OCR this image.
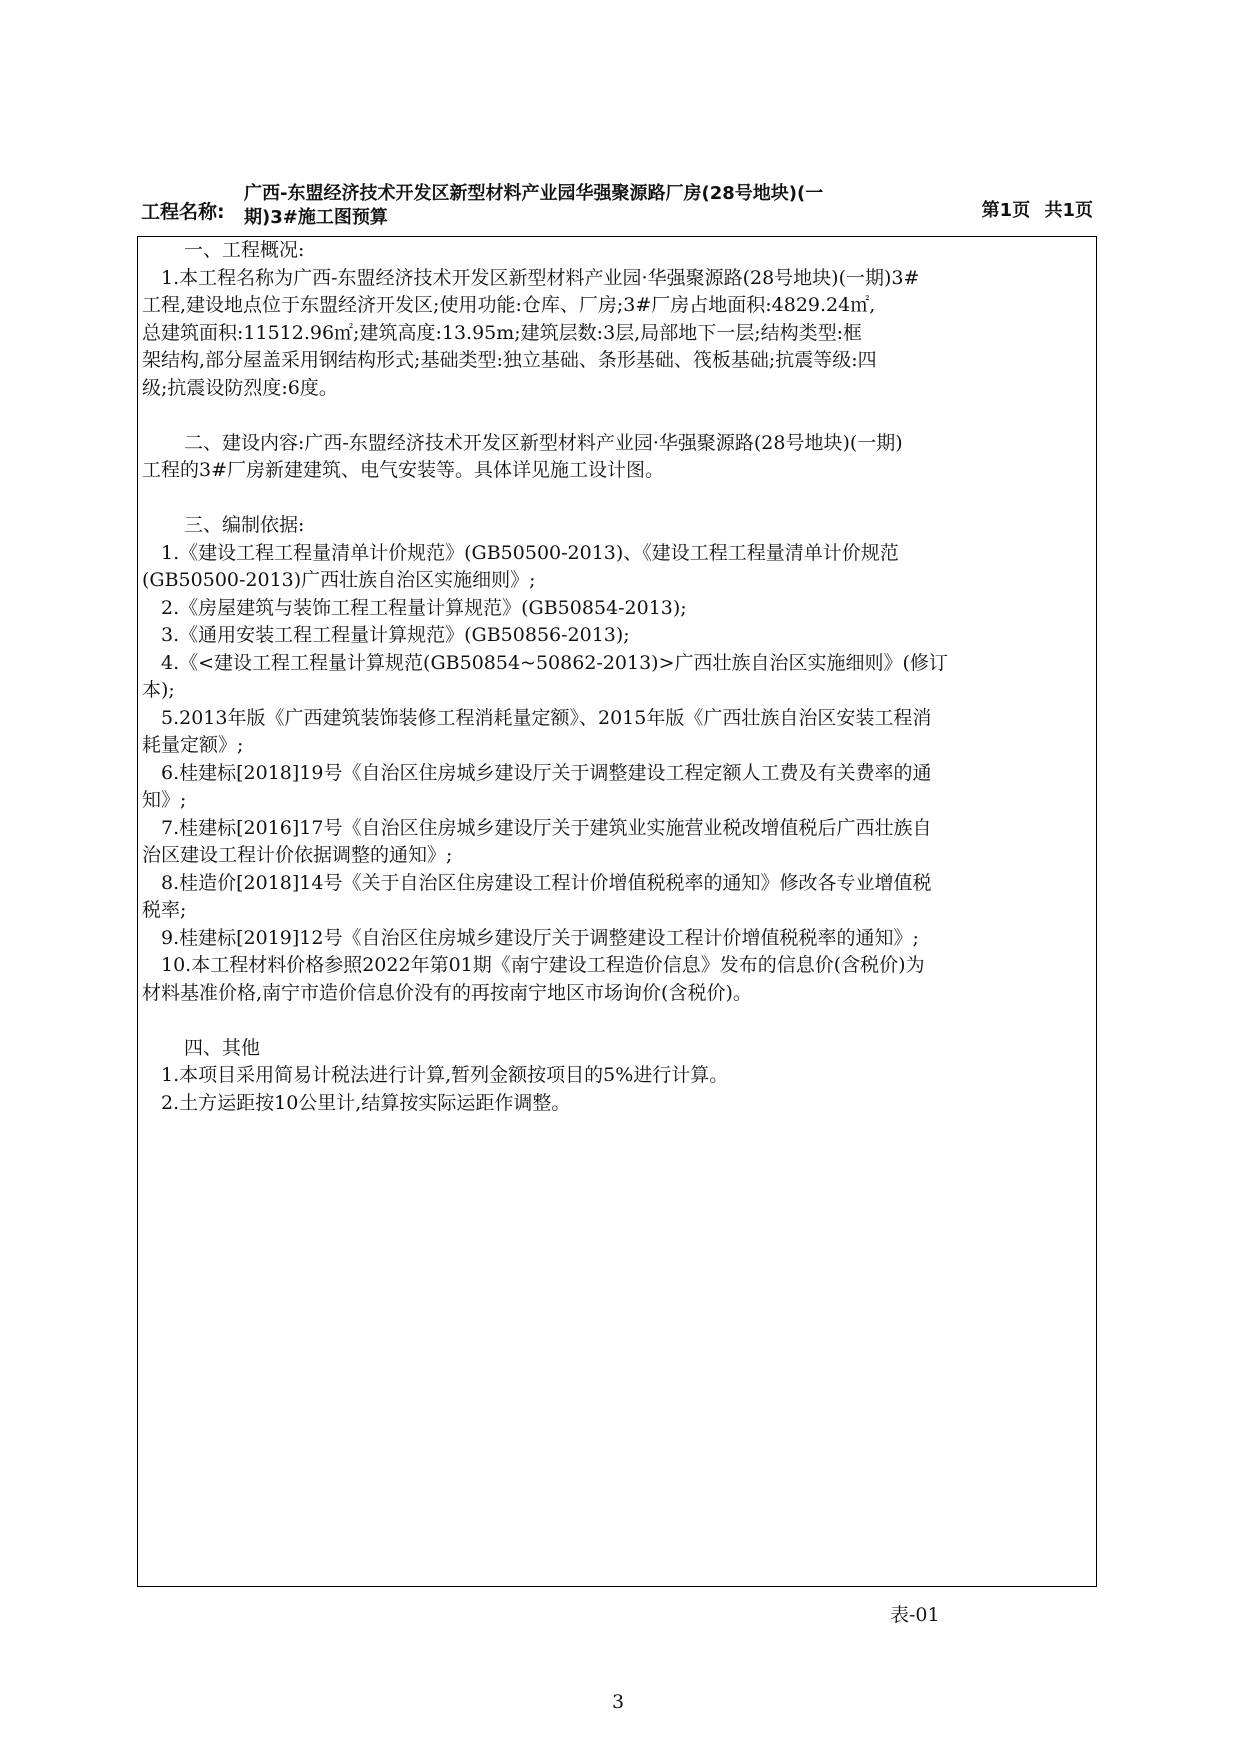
工程名称:
广西-东盟经济技术开发区新型材料产业园华强聚源路厂房(28号地块)(一
期)3#施工图预算	第1页 共1页

一、工程概况:

1.本工程名称为广西-东盟经济技术开发区新型材料产业园·华强聚源路(28号地块)(一期)3#

工程,建设地点位于东盟经济开发区;使用功能:仓库、厂房;3#厂房占地面积:4829.24㎡,

总建筑面积:11512.96㎡;建筑高度:13.95m;建筑层数:3层,局部地下一层;结构类型:框

架结构,部分屋盖采用钢结构形式;基础类型:独立基础、条形基础、筏板基础;抗震等级:四

级;抗震设防烈度:6度。

二、建设内容:广西-东盟经济技术开发区新型材料产业园·华强聚源路(28号地块)(一期)

工程的3#厂房新建建筑、电气安装等。具体详见施工设计图。

三、编制依据:

1.《建设工程工程量清单计价规范》(GB50500-2013)、《建设工程工程量清单计价规范

(GB50500-2013)广西壮族自治区实施细则》;

2.《房屋建筑与装饰工程工程量计算规范》(GB50854-2013);

3.《通用安装工程工程量计算规范》(GB50856-2013);

4.《<建设工程工程量计算规范(GB50854~50862-2013)>广西壮族自治区实施细则》(修订

本);

5.2013年版《广西建筑装饰装修工程消耗量定额》、2015年版《广西壮族自治区安装工程消

耗量定额》;

6.桂建标[2018]19号《自治区住房城乡建设厅关于调整建设工程定额人工费及有关费率的通

知》;

7.桂建标[2016]17号《自治区住房城乡建设厅关于建筑业实施营业税改增值税后广西壮族自

治区建设工程计价依据调整的通知》;

8.桂造价[2018]14号《关于自治区住房建设工程计价增值税税率的通知》修改各专业增值税

税率;

9.桂建标[2019]12号《自治区住房城乡建设厅关于调整建设工程计价增值税税率的通知》;

10.本工程材料价格参照2022年第01期《南宁建设工程造价信息》发布的信息价(含税价)为

材料基准价格,南宁市造价信息价没有的再按南宁地区市场询价(含税价)。

四、其他

1.本项目采用简易计税法进行计算,暂列金额按项目的5%进行计算。

2.土方运距按10公里计,结算按实际运距作调整。

表-01
3
